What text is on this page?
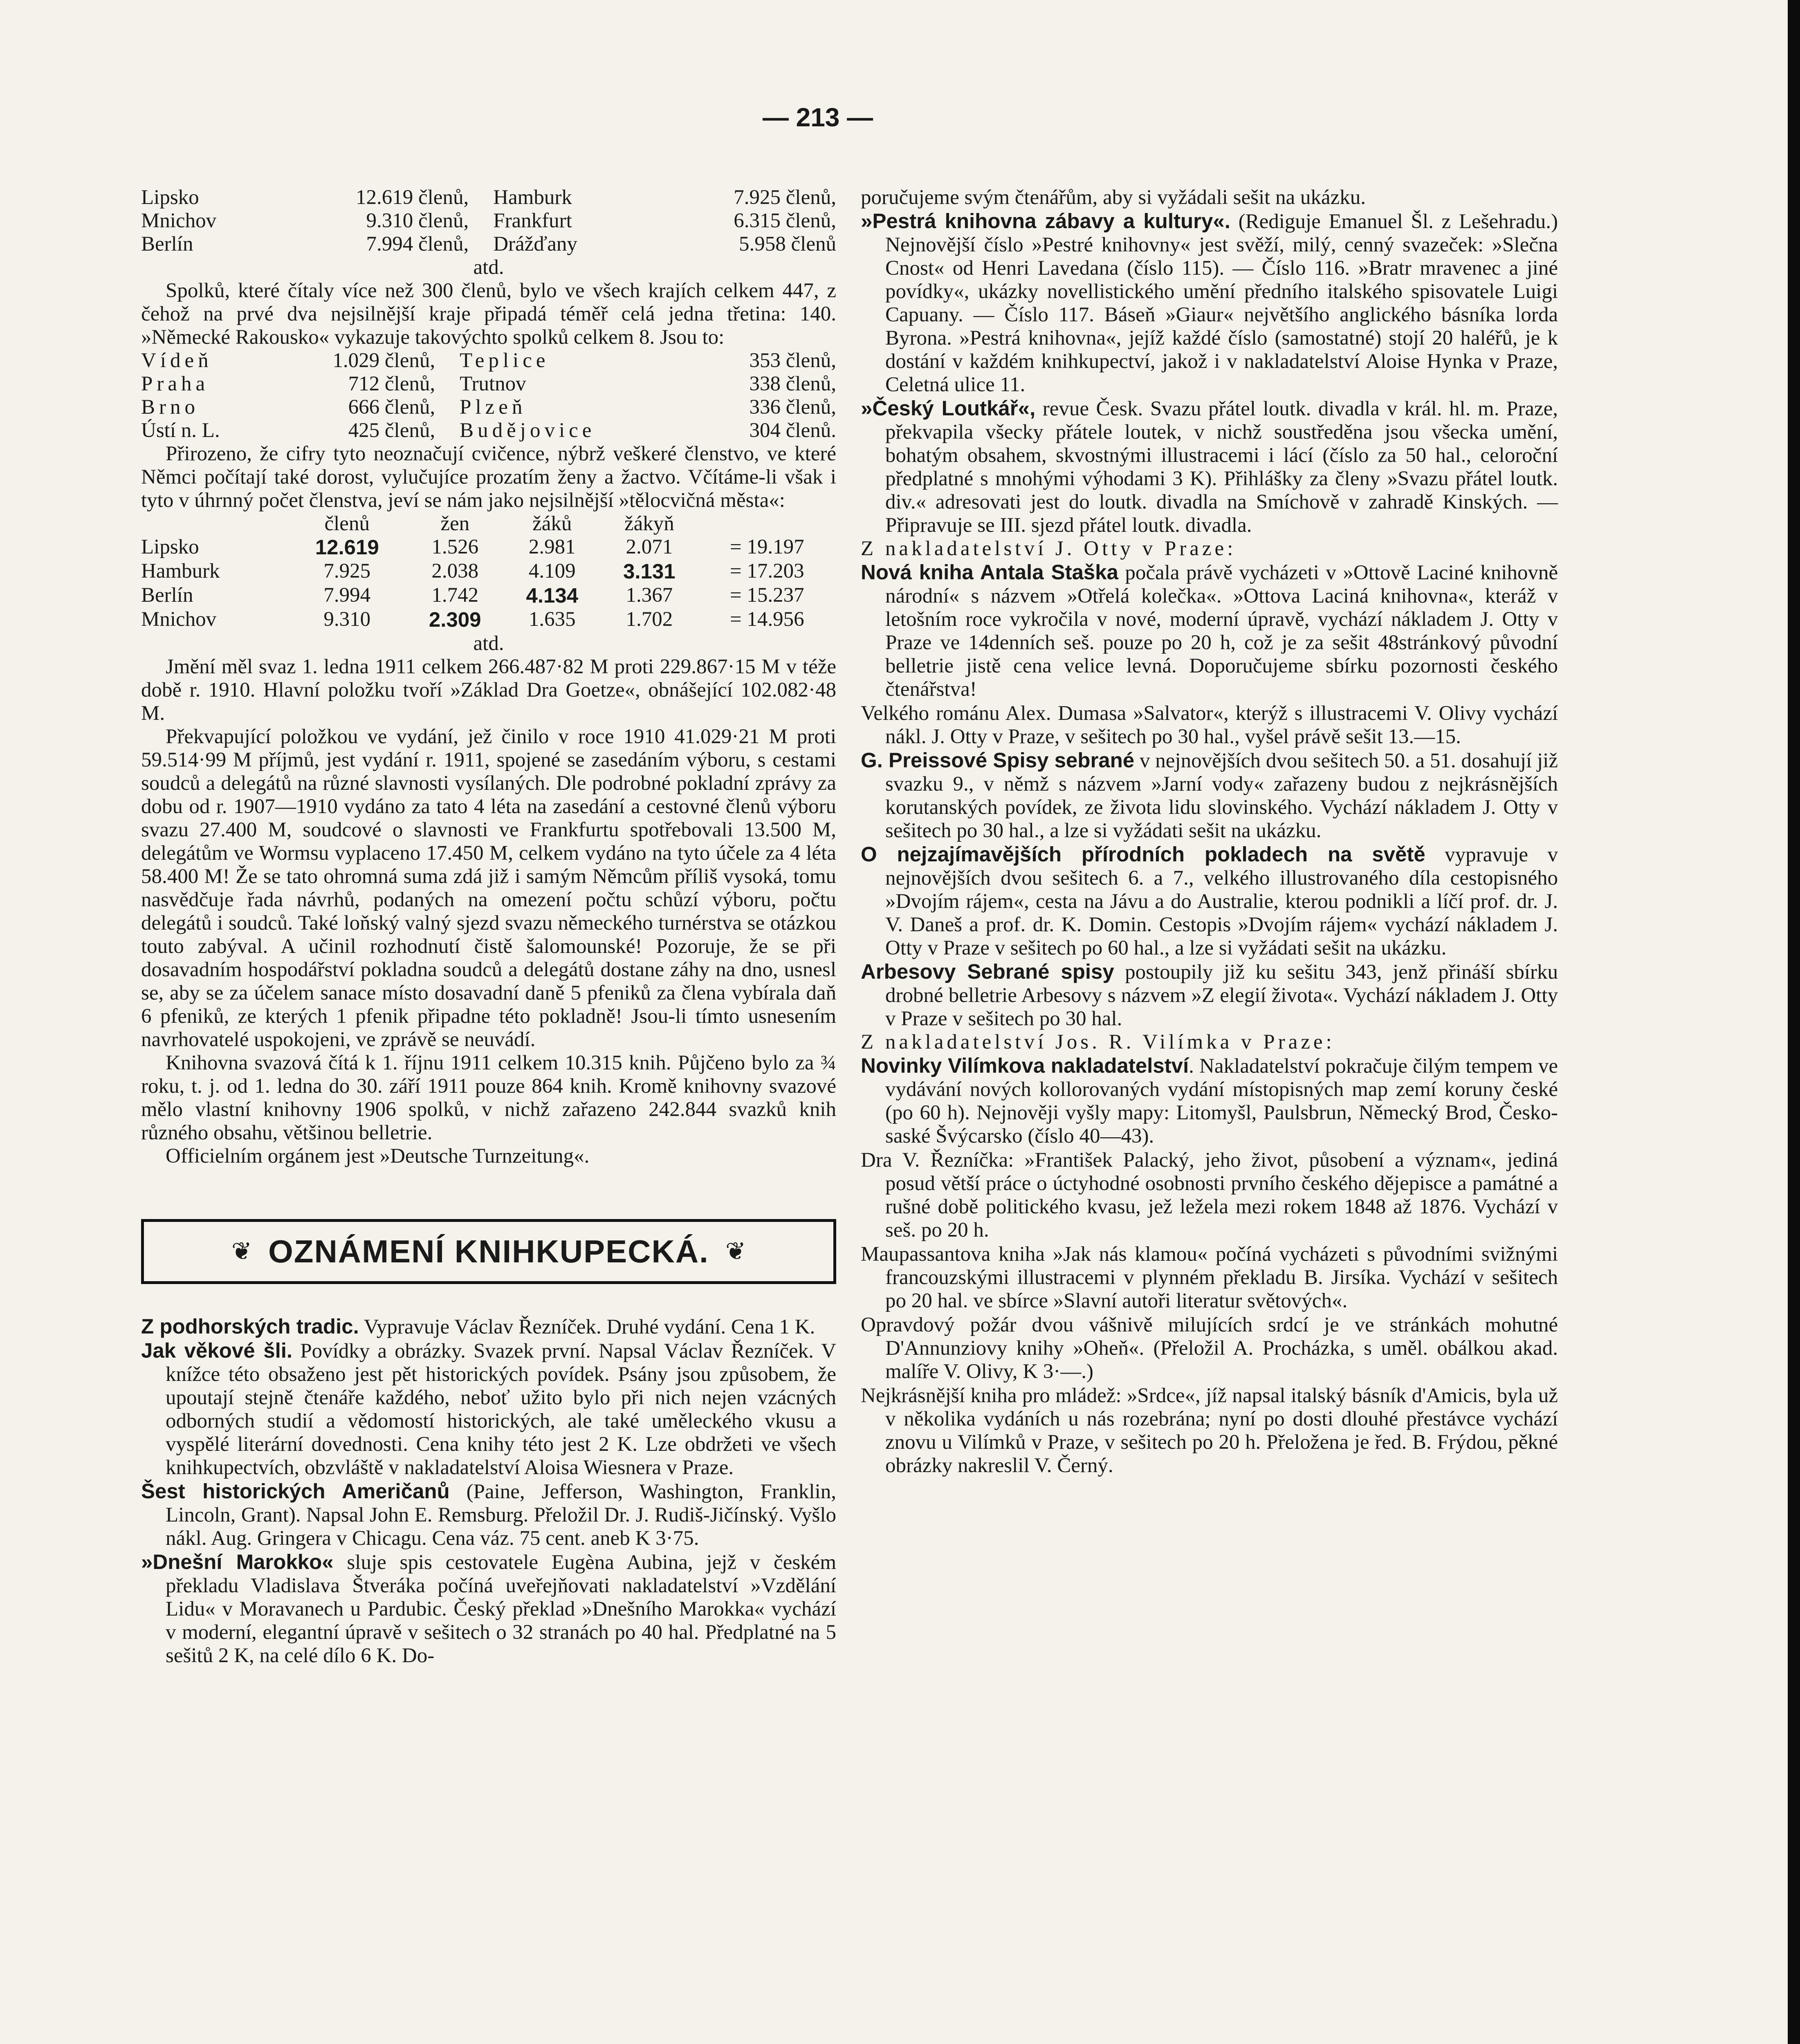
— 213 —
Lipsko	12.619 členů,	Hamburk	7.925 členů,
Mnichov	9.310 členů,	Frankfurt	6.315 členů,
Berlín	7.994 členů,	Drážďany	5.958 členů

atd.

Spolků, které čítaly více než 300 členů, bylo ve všech krajích celkem 447, z čehož na prvé dva nejsilnější kraje připadá téměř celá jedna třetina: 140. »Německé Rakousko« vykazuje takovýchto spolků celkem 8. Jsou to:

Vídeň	1.029 členů,	Teplice	353 členů,
Praha	712 členů,	Trutnov	338 členů,
Brno	666 členů,	Plzeň	336 členů,
Ústí n. L.	425 členů,	Budějovice	304 členů.

Přirozeno, že cifry tyto neoznačují cvičence, nýbrž veškeré členstvo, ve které Němci počítají také dorost, vylučujíce prozatím ženy a žactvo. Včítáme-li však i tyto v úhrnný počet členstva, jeví se nám jako nejsilnější »tělocvičná města«:

	členů	žen	žáků	žákyň	
Lipsko	12.619	1.526	2.981	2.071	= 19.197
Hamburk	7.925	2.038	4.109	3.131	= 17.203
Berlín	7.994	1.742	4.134	1.367	= 15.237
Mnichov	9.310	2.309	1.635	1.702	= 14.956

atd.

Jmění měl svaz 1. ledna 1911 celkem 266.487·82 M proti 229.867·15 M v téže době r. 1910. Hlavní položku tvoří »Základ Dra Goetze«, obnášející 102.082·48 M.

Překvapující položkou ve vydání, jež činilo v roce 1910 41.029·21 M proti 59.514·99 M příjmů, jest vydání r. 1911, spojené se zasedáním výboru, s cestami soudců a delegátů na různé slavnosti vysílaných. Dle podrobné pokladní zprávy za dobu od r. 1907—1910 vydáno za tato 4 léta na zasedání a cestovné členů výboru svazu 27.400 M, soudcové o slavnosti ve Frankfurtu spotřebovali 13.500 M, delegátům ve Wormsu vyplaceno 17.450 M, celkem vydáno na tyto účele za 4 léta 58.400 M! Že se tato ohromná suma zdá již i samým Němcům příliš vysoká, tomu nasvědčuje řada návrhů, podaných na omezení počtu schůzí výboru, počtu delegátů i soudců. Také loňský valný sjezd svazu německého turnérstva se otázkou touto zabýval. A učinil rozhodnutí čistě šalomounské! Pozoruje, že se při dosavadním hospodářství pokladna soudců a delegátů dostane záhy na dno, usnesl se, aby se za účelem sanace místo dosavadní daně 5 pfeniků za člena vybírala daň 6 pfeniků, ze kterých 1 pfenik připadne této pokladně! Jsou-li tímto usnesením navrhovatelé uspokojeni, ve zprávě se neuvádí.

Knihovna svazová čítá k 1. říjnu 1911 celkem 10.315 knih. Půjčeno bylo za ¾ roku, t. j. od 1. ledna do 30. září 1911 pouze 864 knih. Kromě knihovny svazové mělo vlastní knihovny 1906 spolků, v nichž zařazeno 242.844 svazků knih různého obsahu, většinou belletrie.

Officielním orgánem jest »Deutsche Turnzeitung«.

❦ OZNÁMENÍ KNIHKUPECKÁ. ❦

Z podhorských tradic. Vypravuje Václav Řezníček. Druhé vydání. Cena 1 K.

Jak věkové šli. Povídky a obrázky. Svazek první. Napsal Václav Řezníček. V knížce této obsaženo jest pět historických povídek. Psány jsou způsobem, že upoutají stejně čtenáře každého, neboť užito bylo při nich nejen vzácných odborných studií a vědomostí historických, ale také uměleckého vkusu a vyspělé literární dovednosti. Cena knihy této jest 2 K. Lze obdržeti ve všech knihkupectvích, obzvláště v nakladatelství Aloisa Wiesnera v Praze.

Šest historických Američanů (Paine, Jefferson, Washington, Franklin, Lincoln, Grant). Napsal John E. Remsburg. Přeložil Dr. J. Rudiš-Jičínský. Vyšlo nákl. Aug. Gringera v Chicagu. Cena váz. 75 cent. aneb K 3·75.

»Dnešní Marokko« sluje spis cestovatele Eugèna Aubina, jejž v českém překladu Vladislava Štveráka počíná uveřejňovati nakladatelství »Vzdělání Lidu« v Moravanech u Pardubic. Český překlad »Dnešního Marokka« vychází v moderní, elegantní úpravě v sešitech o 32 stranách po 40 hal. Předplatné na 5 sešitů 2 K, na celé dílo 6 K. Do-

poručujeme svým čtenářům, aby si vyžádali sešit na ukázku.

»Pestrá knihovna zábavy a kultury«. (Rediguje Emanuel Šl. z Lešehradu.) Nejnovější číslo »Pestré knihovny« jest svěží, milý, cenný svazeček: »Slečna Cnost« od Henri Lavedana (číslo 115). — Číslo 116. »Bratr mravenec a jiné povídky«, ukázky novellistického umění předního italského spisovatele Luigi Capuany. — Číslo 117. Báseň »Giaur« největšího anglického básníka lorda Byrona. »Pestrá knihovna«, jejíž každé číslo (samostatné) stojí 20 haléřů, je k dostání v každém knihkupectví, jakož i v nakladatelství Aloise Hynka v Praze, Celetná ulice 11.

»Český Loutkář«, revue Česk. Svazu přátel loutk. divadla v král. hl. m. Praze, překvapila všecky přátele loutek, v nichž soustředěna jsou všecka umění, bohatým obsahem, skvostnými illustracemi i lácí (číslo za 50 hal., celoroční předplatné s mnohými výhodami 3 K). Přihlášky za členy »Svazu přátel loutk. div.« adresovati jest do loutk. divadla na Smíchově v zahradě Kinských. — Připravuje se III. sjezd přátel loutk. divadla.

Z nakladatelství J. Otty v Praze:

Nová kniha Antala Staška počala právě vycházeti v »Ottově Laciné knihovně národní« s názvem »Otřelá kolečka«. »Ottova Laciná knihovna«, kteráž v letošním roce vykročila v nové, moderní úpravě, vychází nákladem J. Otty v Praze ve 14denních seš. pouze po 20 h, což je za sešit 48stránkový původní belletrie jistě cena velice levná. Doporučujeme sbírku pozornosti českého čtenářstva!

Velkého románu Alex. Dumasa »Salvator«, kterýž s illustracemi V. Olivy vychází nákl. J. Otty v Praze, v sešitech po 30 hal., vyšel právě sešit 13.—15.

G. Preissové Spisy sebrané v nejnovějších dvou sešitech 50. a 51. dosahují již svazku 9., v němž s názvem »Jarní vody« zařazeny budou z nejkrásnějších korutanských povídek, ze života lidu slovinského. Vychází nákladem J. Otty v sešitech po 30 hal., a lze si vyžádati sešit na ukázku.

O nejzajímavějších přírodních pokladech na světě vypravuje v nejnovějších dvou sešitech 6. a 7., velkého illustrovaného díla cestopisného »Dvojím rájem«, cesta na Jávu a do Australie, kterou podnikli a líčí prof. dr. J. V. Daneš a prof. dr. K. Domin. Cestopis »Dvojím rájem« vychází nákladem J. Otty v Praze v sešitech po 60 hal., a lze si vyžádati sešit na ukázku.

Arbesovy Sebrané spisy postoupily již ku sešitu 343, jenž přináší sbírku drobné belletrie Arbesovy s názvem »Z elegií života«. Vychází nákladem J. Otty v Praze v sešitech po 30 hal.

Z nakladatelství Jos. R. Vilímka v Praze:

Novinky Vilímkova nakladatelství. Nakladatelství pokračuje čilým tempem ve vydávání nových kollorovaných vydání místopisných map zemí koruny české (po 60 h). Nejnověji vyšly mapy: Litomyšl, Paulsbrun, Německý Brod, Česko-saské Švýcarsko (číslo 40—43).

Dra V. Řezníčka: »František Palacký, jeho život, působení a význam«, jediná posud větší práce o úctyhodné osobnosti prvního českého dějepisce a památné a rušné době politického kvasu, jež ležela mezi rokem 1848 až 1876. Vychází v seš. po 20 h.

Maupassantova kniha »Jak nás klamou« počíná vycházeti s původními svižnými francouzskými illustracemi v plynném překladu B. Jirsíka. Vychází v sešitech po 20 hal. ve sbírce »Slavní autoři literatur světových«.

Opravdový požár dvou vášnivě milujících srdcí je ve stránkách mohutné D'Annunziovy knihy »Oheň«. (Přeložil A. Procházka, s uměl. obálkou akad. malíře V. Olivy, K 3·—.)

Nejkrásnější kniha pro mládež: »Srdce«, jíž napsal italský básník d'Amicis, byla už v několika vydáních u nás rozebrána; nyní po dosti dlouhé přestávce vychází znovu u Vilímků v Praze, v sešitech po 20 h. Přeložena je řed. B. Frýdou, pěkné obrázky nakreslil V. Černý.
